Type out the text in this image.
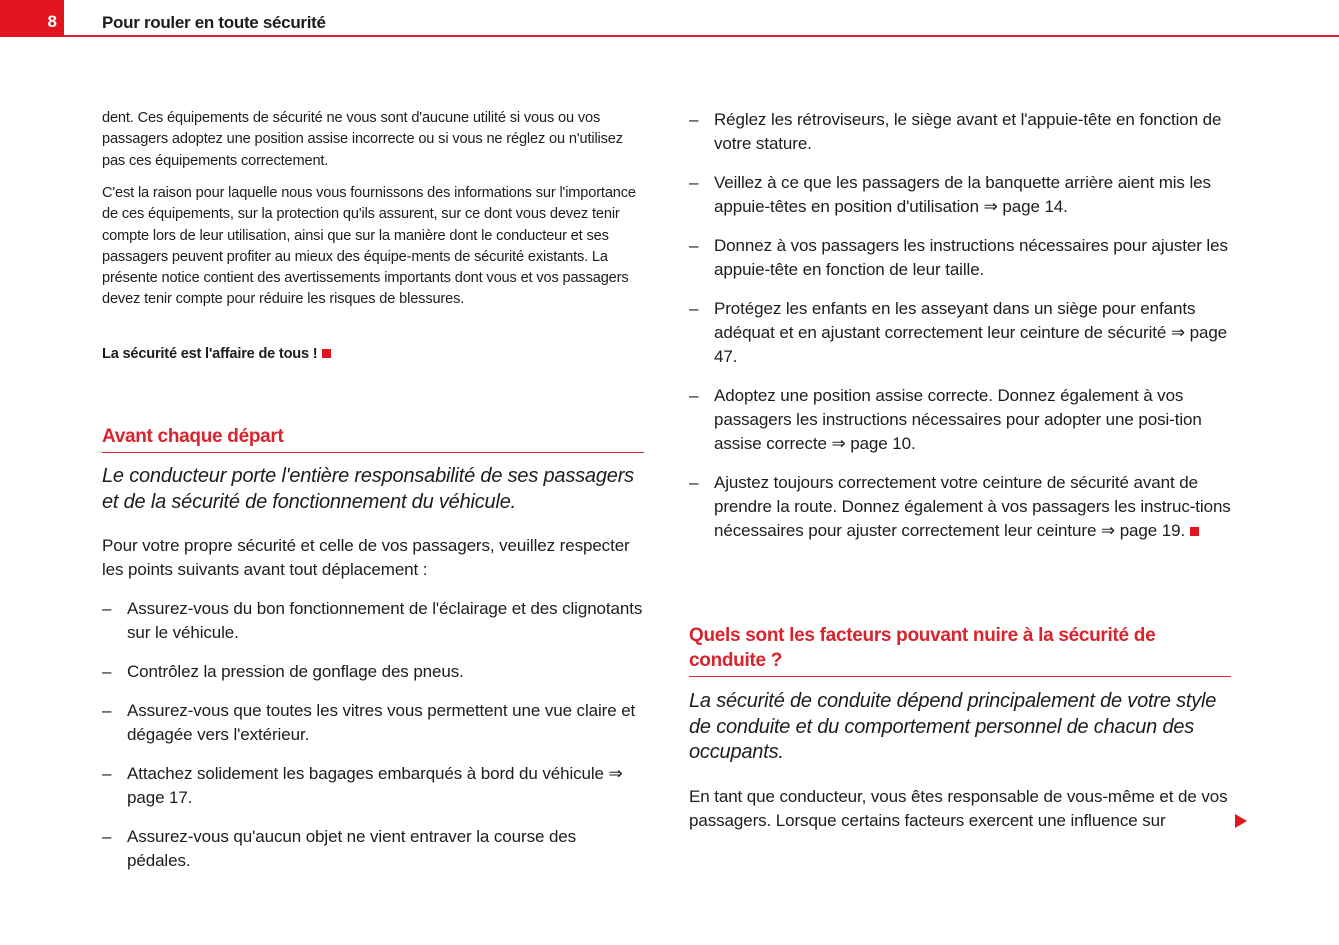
8	Pour rouler en toute sécurité

dent. Ces équipements de sécurité ne vous sont d'aucune utilité si vous ou vos passagers adoptez une position assise incorrecte ou si vous ne réglez ou n'utilisez pas ces équipements correctement.

C'est la raison pour laquelle nous vous fournissons des informations sur l'importance de ces équipements, sur la protection qu'ils assurent, sur ce dont vous devez tenir compte lors de leur utilisation, ainsi que sur la manière dont le conducteur et ses passagers peuvent profiter au mieux des équipe-ments de sécurité existants. La présente notice contient des avertissements importants dont vous et vos passagers devez tenir compte pour réduire les risques de blessures.

La sécurité est l'affaire de tous !

Avant chaque départ

Le conducteur porte l'entière responsabilité de ses passagers et de la sécurité de fonctionnement du véhicule.

Pour votre propre sécurité et celle de vos passagers, veuillez respecter les points suivants avant tout déplacement :

– Assurez-vous du bon fonctionnement de l'éclairage et des clignotants sur le véhicule.
– Contrôlez la pression de gonflage des pneus.
– Assurez-vous que toutes les vitres vous permettent une vue claire et dégagée vers l'extérieur.
– Attachez solidement les bagages embarqués à bord du véhicule ⇒ page 17.
– Assurez-vous qu'aucun objet ne vient entraver la course des pédales.
– Réglez les rétroviseurs, le siège avant et l'appuie-tête en fonction de votre stature.
– Veillez à ce que les passagers de la banquette arrière aient mis les appuie-têtes en position d'utilisation ⇒ page 14.
– Donnez à vos passagers les instructions nécessaires pour ajuster les appuie-tête en fonction de leur taille.
– Protégez les enfants en les asseyant dans un siège pour enfants adéquat et en ajustant correctement leur ceinture de sécurité ⇒ page 47.
– Adoptez une position assise correcte. Donnez également à vos passagers les instructions nécessaires pour adopter une posi-tion assise correcte ⇒ page 10.
– Ajustez toujours correctement votre ceinture de sécurité avant de prendre la route. Donnez également à vos passagers les instruc-tions nécessaires pour ajuster correctement leur ceinture ⇒ page 19.
Quels sont les facteurs pouvant nuire à la sécurité de conduite ?

La sécurité de conduite dépend principalement de votre style de conduite et du comportement personnel de chacun des occupants.

En tant que conducteur, vous êtes responsable de vous-même et de vos passagers. Lorsque certains facteurs exercent une influence sur
